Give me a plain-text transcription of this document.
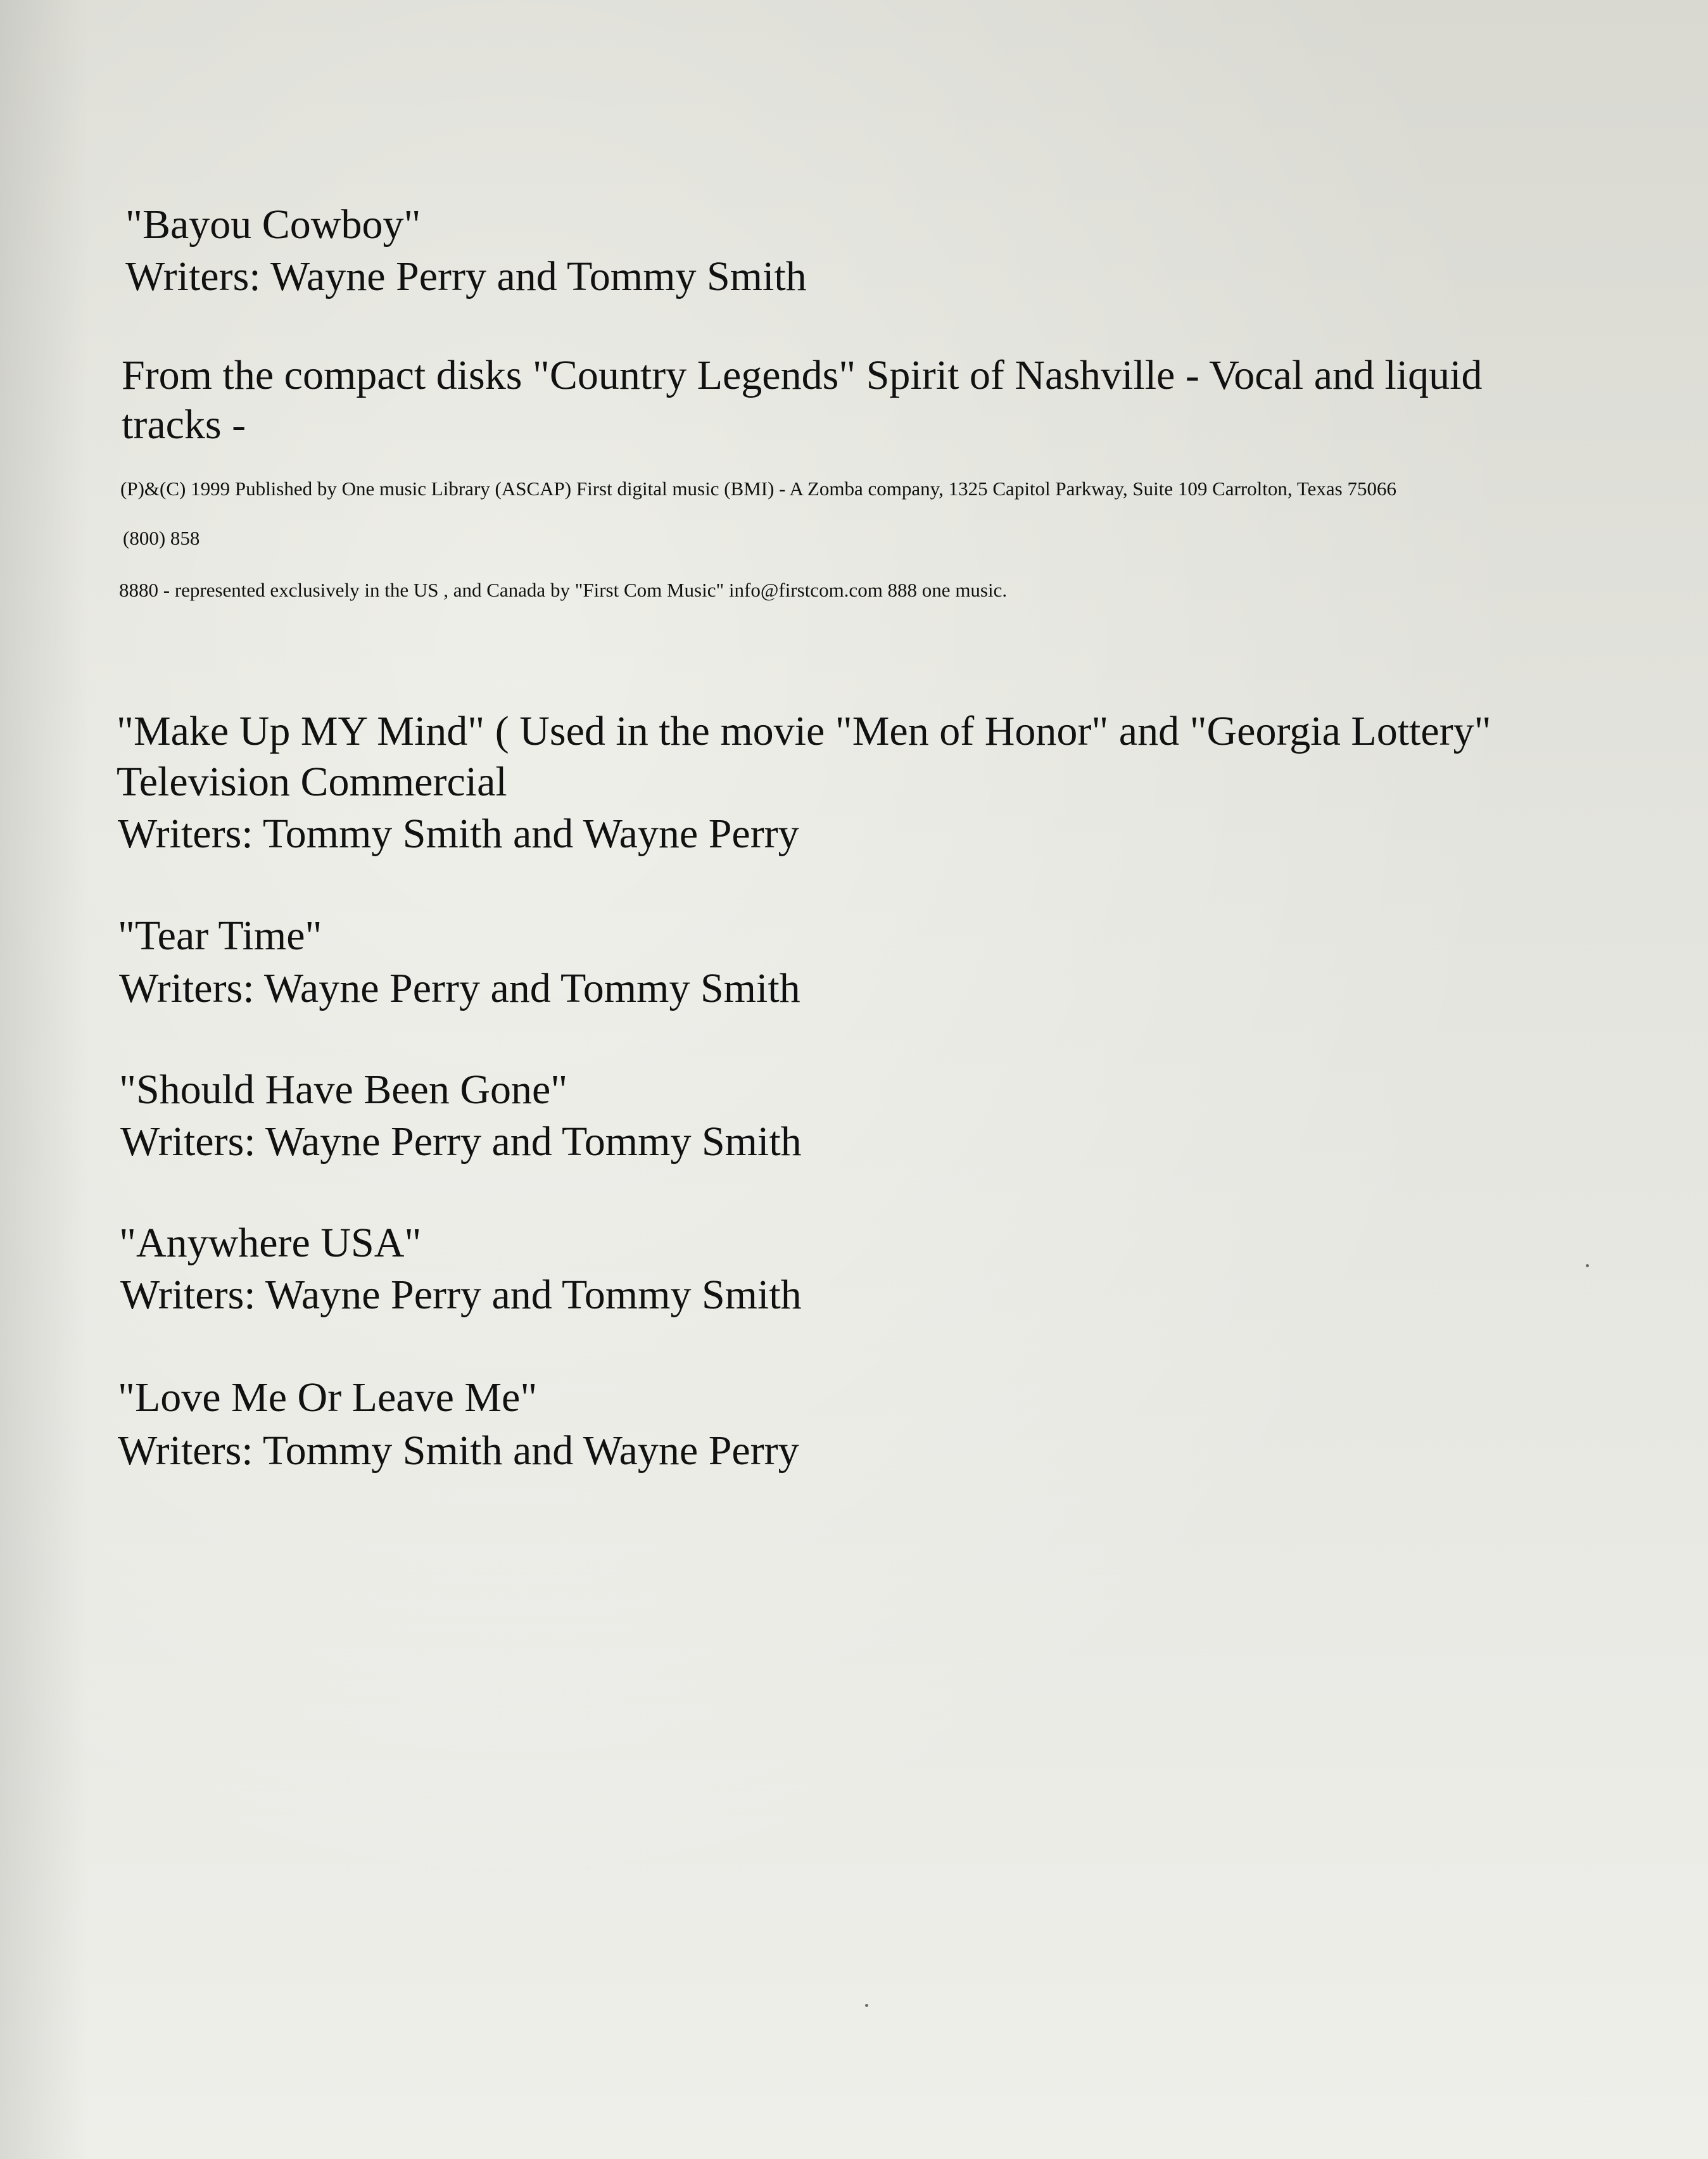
"Bayou Cowboy"

Writers: Wayne Perry and Tommy Smith

From the compact disks "Country Legends" Spirit of Nashville - Vocal and liquid

tracks -

(P)&(C) 1999 Published by One music Library (ASCAP) First digital music (BMI) - A Zomba company, 1325 Capitol Parkway, Suite 109 Carrolton, Texas 75066

(800) 858

8880 - represented exclusively in the US , and Canada by "First Com Music" info@firstcom.com 888 one music.

"Make Up MY Mind" ( Used in the movie "Men of Honor" and "Georgia Lottery"

Television Commercial

Writers: Tommy Smith and Wayne Perry

"Tear Time"

Writers: Wayne Perry and Tommy Smith

"Should Have Been Gone"

Writers: Wayne Perry and Tommy Smith

"Anywhere USA"

Writers: Wayne Perry and Tommy Smith

"Love Me Or Leave Me"

Writers: Tommy Smith and Wayne Perry
